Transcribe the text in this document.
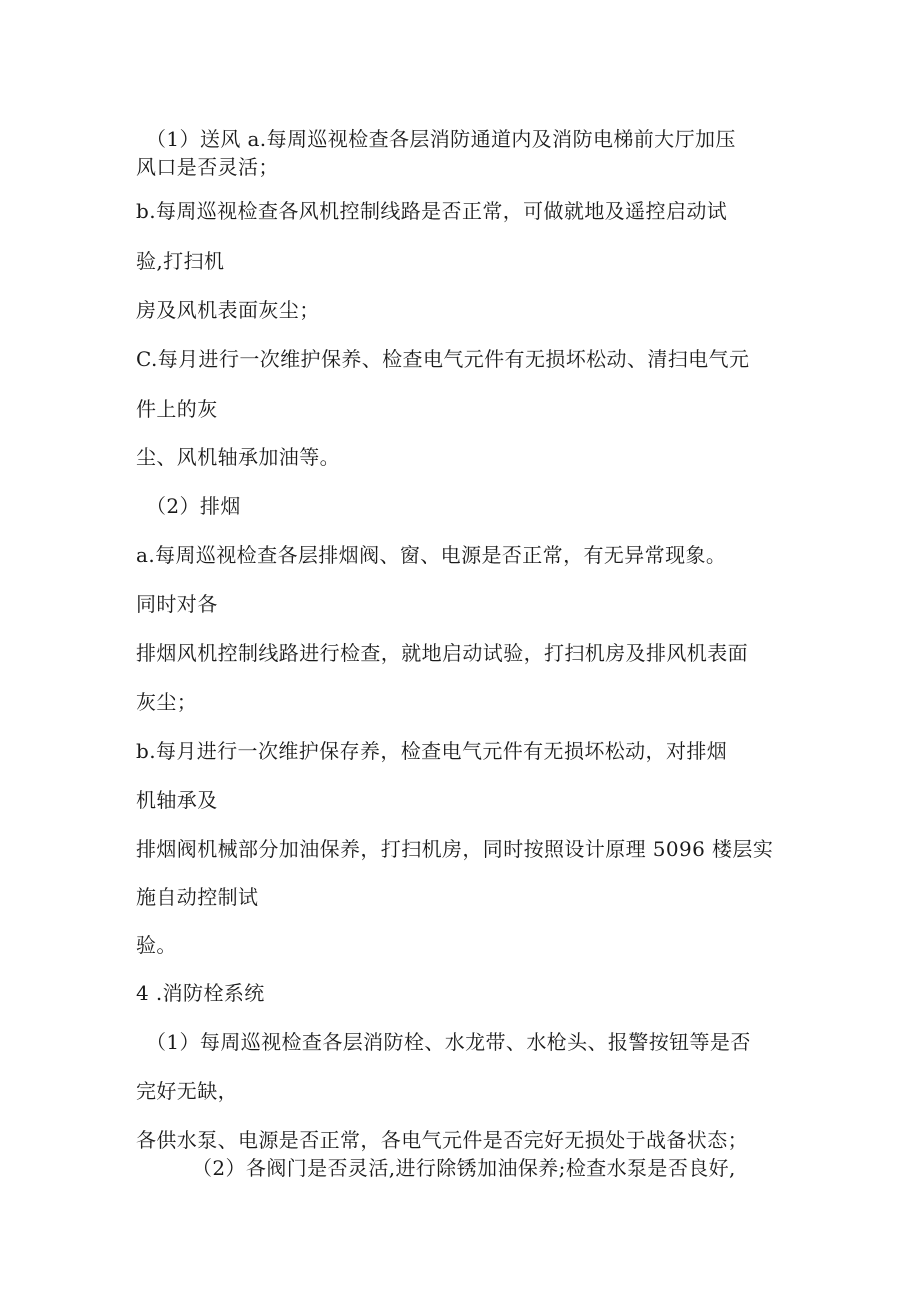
（1）送风 a.每周巡视检查各层消防通道内及消防电梯前大厅加压

风口是否灵活；

b.每周巡视检查各风机控制线路是否正常，可做就地及遥控启动试

验,打扫机

房及风机表面灰尘；

C.每月进行一次维护保养、检查电气元件有无损坏松动、清扫电气元

件上的灰

尘、风机轴承加油等。

（2）排烟

a.每周巡视检查各层排烟阀、窗、电源是否正常，有无异常现象。

同时对各

排烟风机控制线路进行检查，就地启动试验，打扫机房及排风机表面

灰尘；

b.每月进行一次维护保存养，检查电气元件有无损坏松动，对排烟

机轴承及

排烟阀机械部分加油保养，打扫机房，同时按照设计原理 5096 楼层实

施自动控制试

验。

4 .消防栓系统

（1）每周巡视检查各层消防栓、水龙带、水枪头、报警按钮等是否

完好无缺，

各供水泵、电源是否正常，各电气元件是否完好无损处于战备状态；

（2）各阀门是否灵活,进行除锈加油保养;检查水泵是否良好,
